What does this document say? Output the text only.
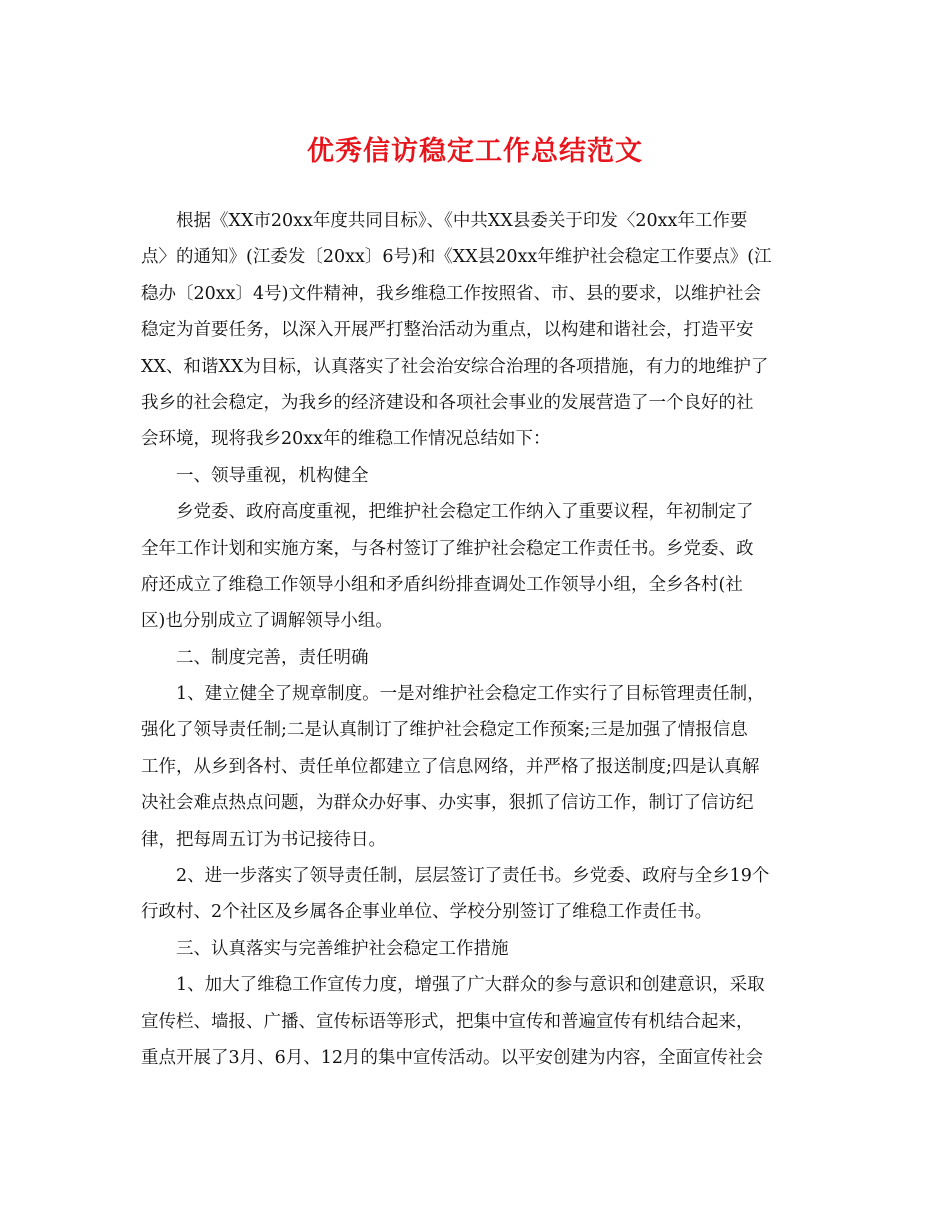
优秀信访稳定工作总结范文
根据《XX市20xx年度共同目标》、《中共XX县委关于印发〈20xx年工作要
点〉的通知》(江委发〔20xx〕6号)和《XX县20xx年维护社会稳定工作要点》(江
稳办〔20xx〕4号)文件精神，我乡维稳工作按照省、市、县的要求，以维护社会
稳定为首要任务，以深入开展严打整治活动为重点，以构建和谐社会，打造平安
XX、和谐XX为目标，认真落实了社会治安综合治理的各项措施，有力的地维护了
我乡的社会稳定，为我乡的经济建设和各项社会事业的发展营造了一个良好的社
会环境，现将我乡20xx年的维稳工作情况总结如下：
一、领导重视，机构健全
乡党委、政府高度重视，把维护社会稳定工作纳入了重要议程，年初制定了
全年工作计划和实施方案，与各村签订了维护社会稳定工作责任书。乡党委、政
府还成立了维稳工作领导小组和矛盾纠纷排查调处工作领导小组，全乡各村(社
区)也分别成立了调解领导小组。
二、制度完善，责任明确
1、建立健全了规章制度。一是对维护社会稳定工作实行了目标管理责任制，
强化了领导责任制;二是认真制订了维护社会稳定工作预案;三是加强了情报信息
工作，从乡到各村、责任单位都建立了信息网络，并严格了报送制度;四是认真解
决社会难点热点问题，为群众办好事、办实事，狠抓了信访工作，制订了信访纪
律，把每周五订为书记接待日。
2、进一步落实了领导责任制，层层签订了责任书。乡党委、政府与全乡19个
行政村、2个社区及乡属各企事业单位、学校分别签订了维稳工作责任书。
三、认真落实与完善维护社会稳定工作措施
1、加大了维稳工作宣传力度，增强了广大群众的参与意识和创建意识，采取
宣传栏、墙报、广播、宣传标语等形式，把集中宣传和普遍宣传有机结合起来，
重点开展了3月、6月、12月的集中宣传活动。以平安创建为内容，全面宣传社会
